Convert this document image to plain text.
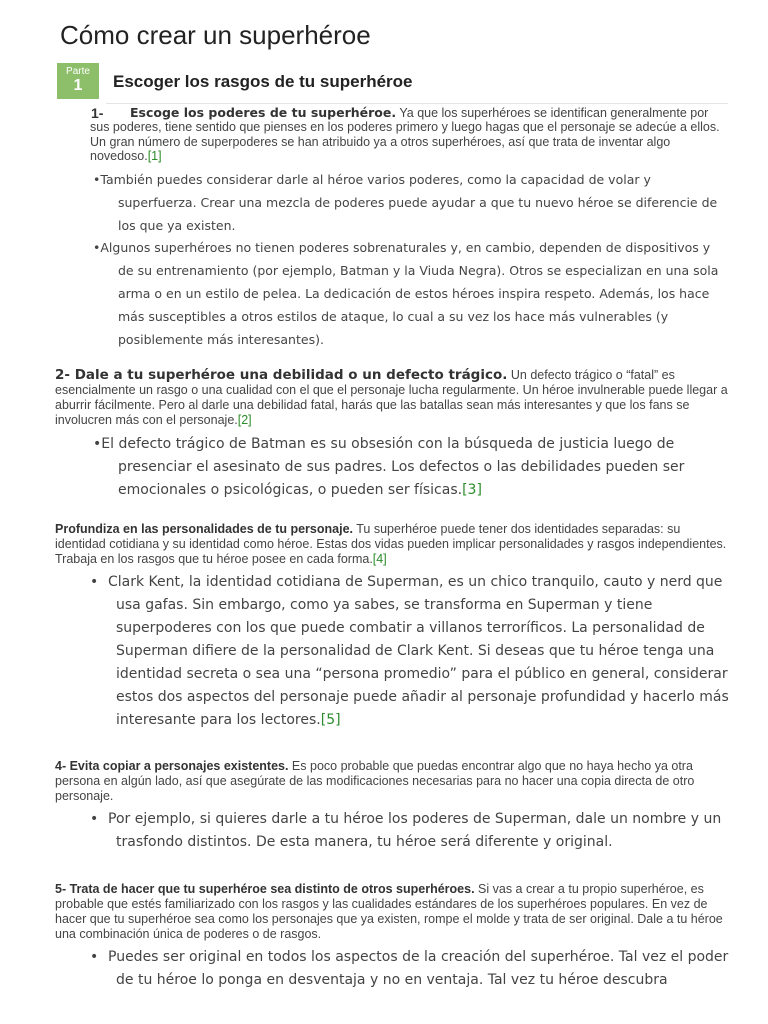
Cómo crear un superhéroe
Parte
1	Escoger los rasgos de tu superhéroe
1-	Escoge los poderes de tu superhéroe. Ya que los superhéroes se identifican generalmente por sus poderes, tiene sentido que pienses en los poderes primero y luego hagas que el personaje se adecúe a ellos. Un gran número de superpoderes se han atribuido ya a otros superhéroes, así que trata de inventar algo novedoso.[1]
•También puedes considerar darle al héroe varios poderes, como la capacidad de volar y superfuerza. Crear una mezcla de poderes puede ayudar a que tu nuevo héroe se diferencie de los que ya existen.
•Algunos superhéroes no tienen poderes sobrenaturales y, en cambio, dependen de dispositivos y de su entrenamiento (por ejemplo, Batman y la Viuda Negra). Otros se especializan en una sola arma o en un estilo de pelea. La dedicación de estos héroes inspira respeto. Además, los hace más susceptibles a otros estilos de ataque, lo cual a su vez los hace más vulnerables (y posiblemente más interesantes).
2- Dale a tu superhéroe una debilidad o un defecto trágico. Un defecto trágico o “fatal” es esencialmente un rasgo o una cualidad con el que el personaje lucha regularmente. Un héroe invulnerable puede llegar a aburrir fácilmente. Pero al darle una debilidad fatal, harás que las batallas sean más interesantes y que los fans se involucren más con el personaje.[2]
•El defecto trágico de Batman es su obsesión con la búsqueda de justicia luego de presenciar el asesinato de sus padres. Los defectos o las debilidades pueden ser emocionales o psicológicas, o pueden ser físicas.[3]
Profundiza en las personalidades de tu personaje. Tu superhéroe puede tener dos identidades separadas: su identidad cotidiana y su identidad como héroe. Estas dos vidas pueden implicar personalidades y rasgos independientes. Trabaja en los rasgos que tu héroe posee en cada forma.[4]
• Clark Kent, la identidad cotidiana de Superman, es un chico tranquilo, cauto y nerd que usa gafas. Sin embargo, como ya sabes, se transforma en Superman y tiene superpoderes con los que puede combatir a villanos terroríficos. La personalidad de Superman difiere de la personalidad de Clark Kent. Si deseas que tu héroe tenga una identidad secreta o sea una “persona promedio” para el público en general, considerar estos dos aspectos del personaje puede añadir al personaje profundidad y hacerlo más interesante para los lectores.[5]
4- Evita copiar a personajes existentes. Es poco probable que puedas encontrar algo que no haya hecho ya otra persona en algún lado, así que asegúrate de las modificaciones necesarias para no hacer una copia directa de otro personaje.
• Por ejemplo, si quieres darle a tu héroe los poderes de Superman, dale un nombre y un trasfondo distintos. De esta manera, tu héroe será diferente y original.
5- Trata de hacer que tu superhéroe sea distinto de otros superhéroes. Si vas a crear a tu propio superhéroe, es probable que estés familiarizado con los rasgos y las cualidades estándares de los superhéroes populares. En vez de hacer que tu superhéroe sea como los personajes que ya existen, rompe el molde y trata de ser original. Dale a tu héroe una combinación única de poderes o de rasgos.
• Puedes ser original en todos los aspectos de la creación del superhéroe. Tal vez el poder de tu héroe lo ponga en desventaja y no en ventaja. Tal vez tu héroe descubra
